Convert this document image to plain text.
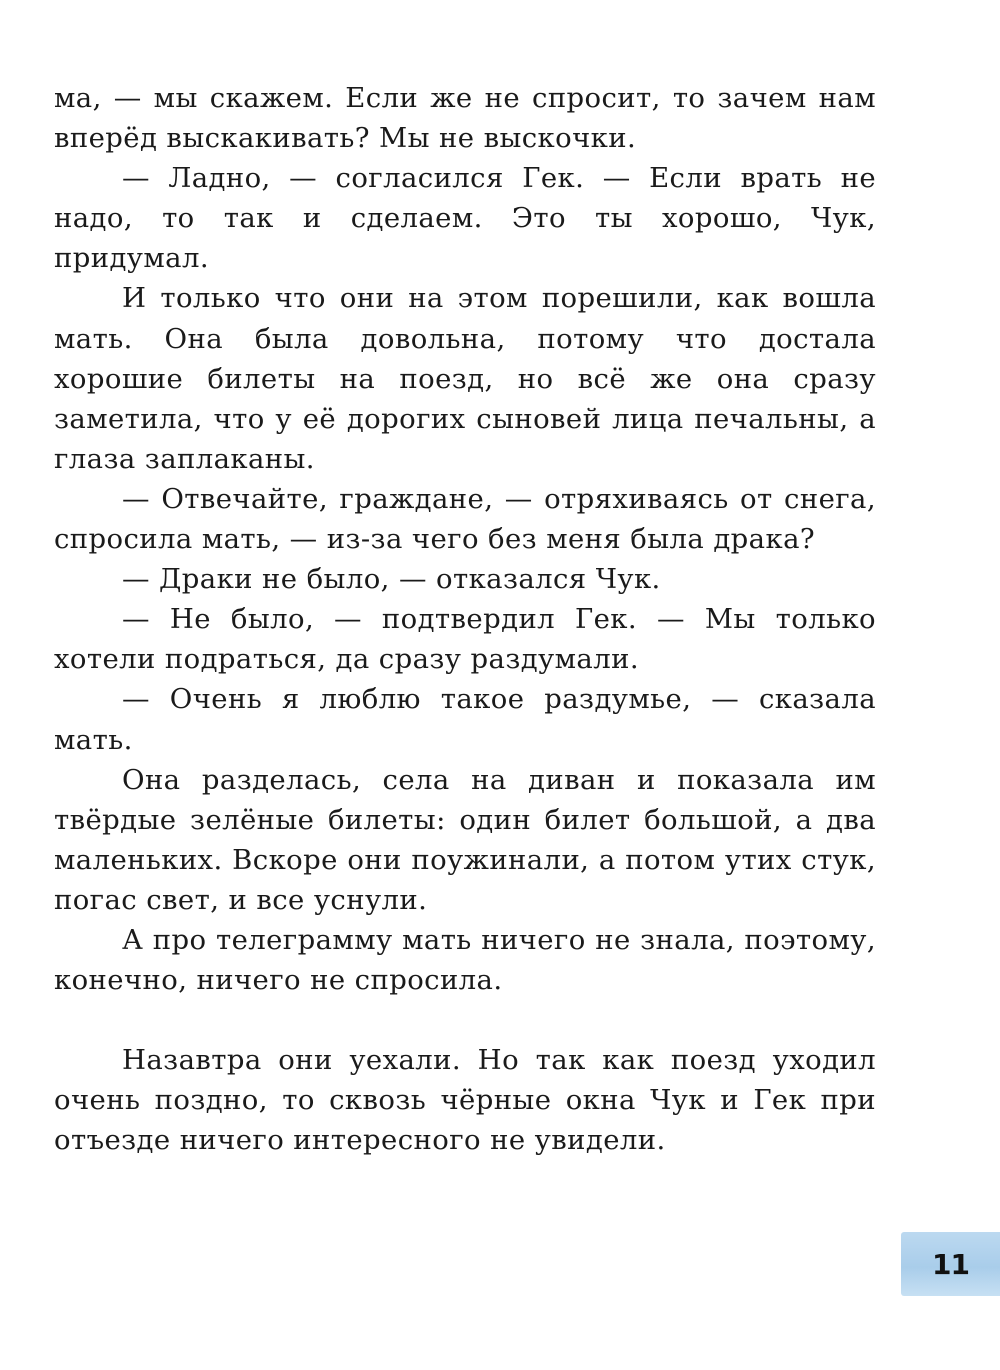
ма, — мы скажем. Если же не спросит, то зачем нам вперёд выскакивать? Мы не выскочки.

— Ладно, — согласился Гек. — Если врать не надо, то так и сделаем. Это ты хорошо, Чук, придумал.

И только что они на этом порешили, как вошла мать. Она была довольна, потому что достала хорошие билеты на поезд, но всё же она сразу заметила, что у её дорогих сыновей лица печальны, а глаза заплаканы.

— Отвечайте, граждане, — отряхиваясь от снега, спросила мать, — из-за чего без меня была драка?

— Драки не было, — отказался Чук.

— Не было, — подтвердил Гек. — Мы только хотели подраться, да сразу раздумали.

— Очень я люблю такое раздумье, — сказала мать.

Она разделась, села на диван и показала им твёрдые зелёные билеты: один билет большой, а два маленьких. Вскоре они поужинали, а потом утих стук, погас свет, и все уснули.

А про телеграмму мать ничего не знала, поэтому, конечно, ничего не спросила.

Назавтра они уехали. Но так как поезд уходил очень поздно, то сквозь чёрные окна Чук и Гек при отъезде ничего интересного не увидели.

11
